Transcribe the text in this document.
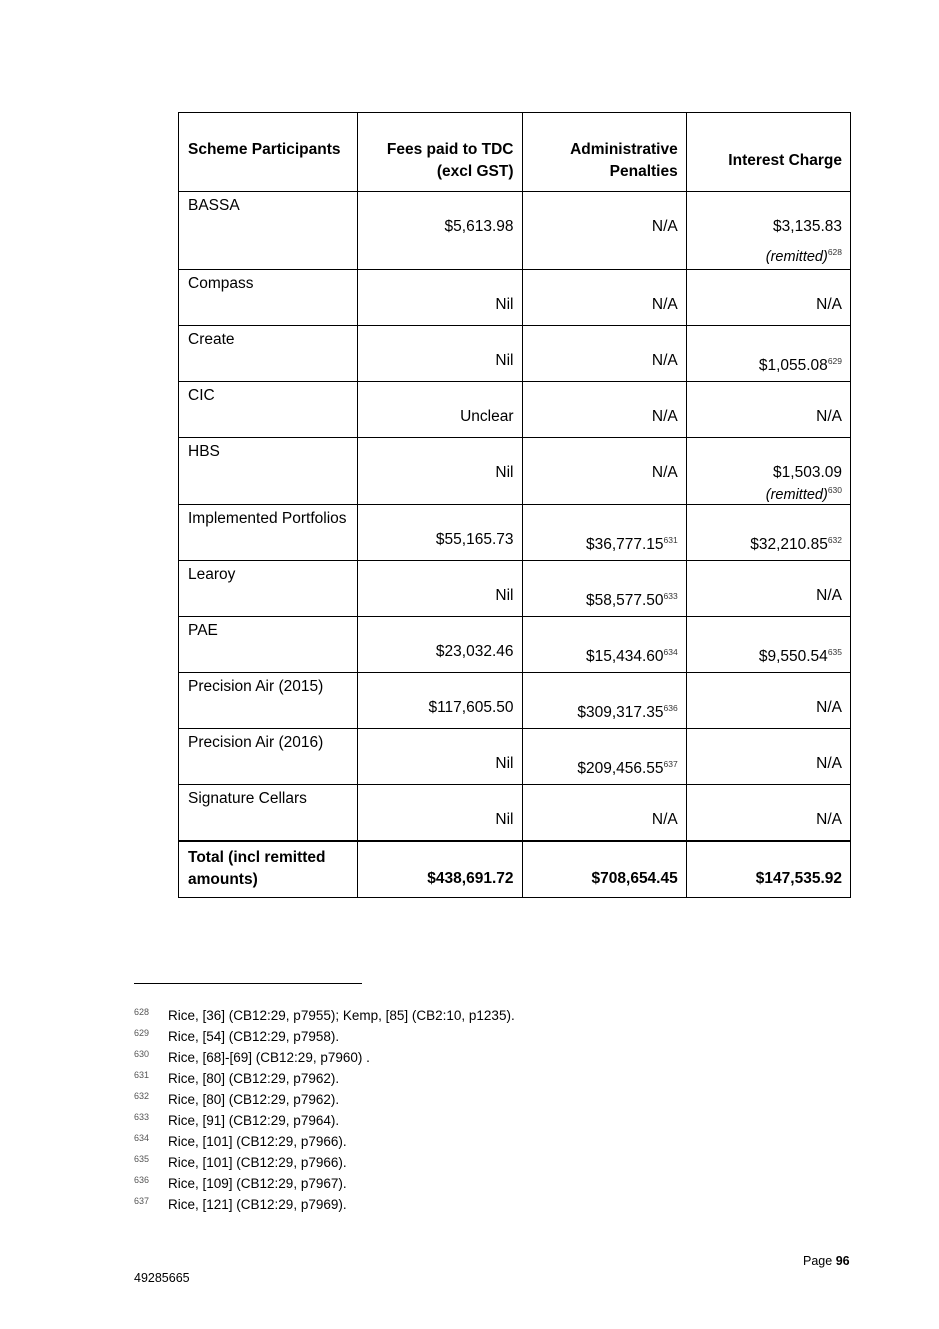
Scheme Participants	Fees paid to TDC (excl GST)	Administrative Penalties	Interest Charge

BASSA	$5,613.98	N/A	$3,135.83
(remitted)$^{628}$

Compass	Nil	N/A	N/A

Create	Nil	N/A	$1,055.08$^{629}$

CIC	Unclear	N/A	N/A

HBS	Nil	N/A	$1,503.09
(remitted)$^{630}$

Implemented Portfolios	$55,165.73	$36,777.15$^{631}$	$32,210.85$^{632}$

Learoy	Nil	$58,577.50$^{633}$	N/A

PAE	$23,032.46	$15,434.60$^{634}$	$9,550.54$^{635}$

Precision Air (2015)	$117,605.50	$309,317.35$^{636}$	N/A

Precision Air (2016)	Nil	$209,456.55$^{637}$	N/A

Signature Cellars	Nil	N/A	N/A

Total (incl remitted amounts)	$438,691.72	$708,654.45	$147,535.92
628 Rice, [36] (CB12:29, p7955); Kemp, [85] (CB2:10, p1235).
629 Rice, [54] (CB12:29, p7958).
630 Rice, [68]-[69] (CB12:29, p7960) .
631 Rice, [80] (CB12:29, p7962).
632 Rice, [80] (CB12:29, p7962).
633 Rice, [91] (CB12:29, p7964).
634 Rice, [101] (CB12:29, p7966).
635 Rice, [101] (CB12:29, p7966).
636 Rice, [109] (CB12:29, p7967).
637 Rice, [121] (CB12:29, p7969).
Page 96
49285665
